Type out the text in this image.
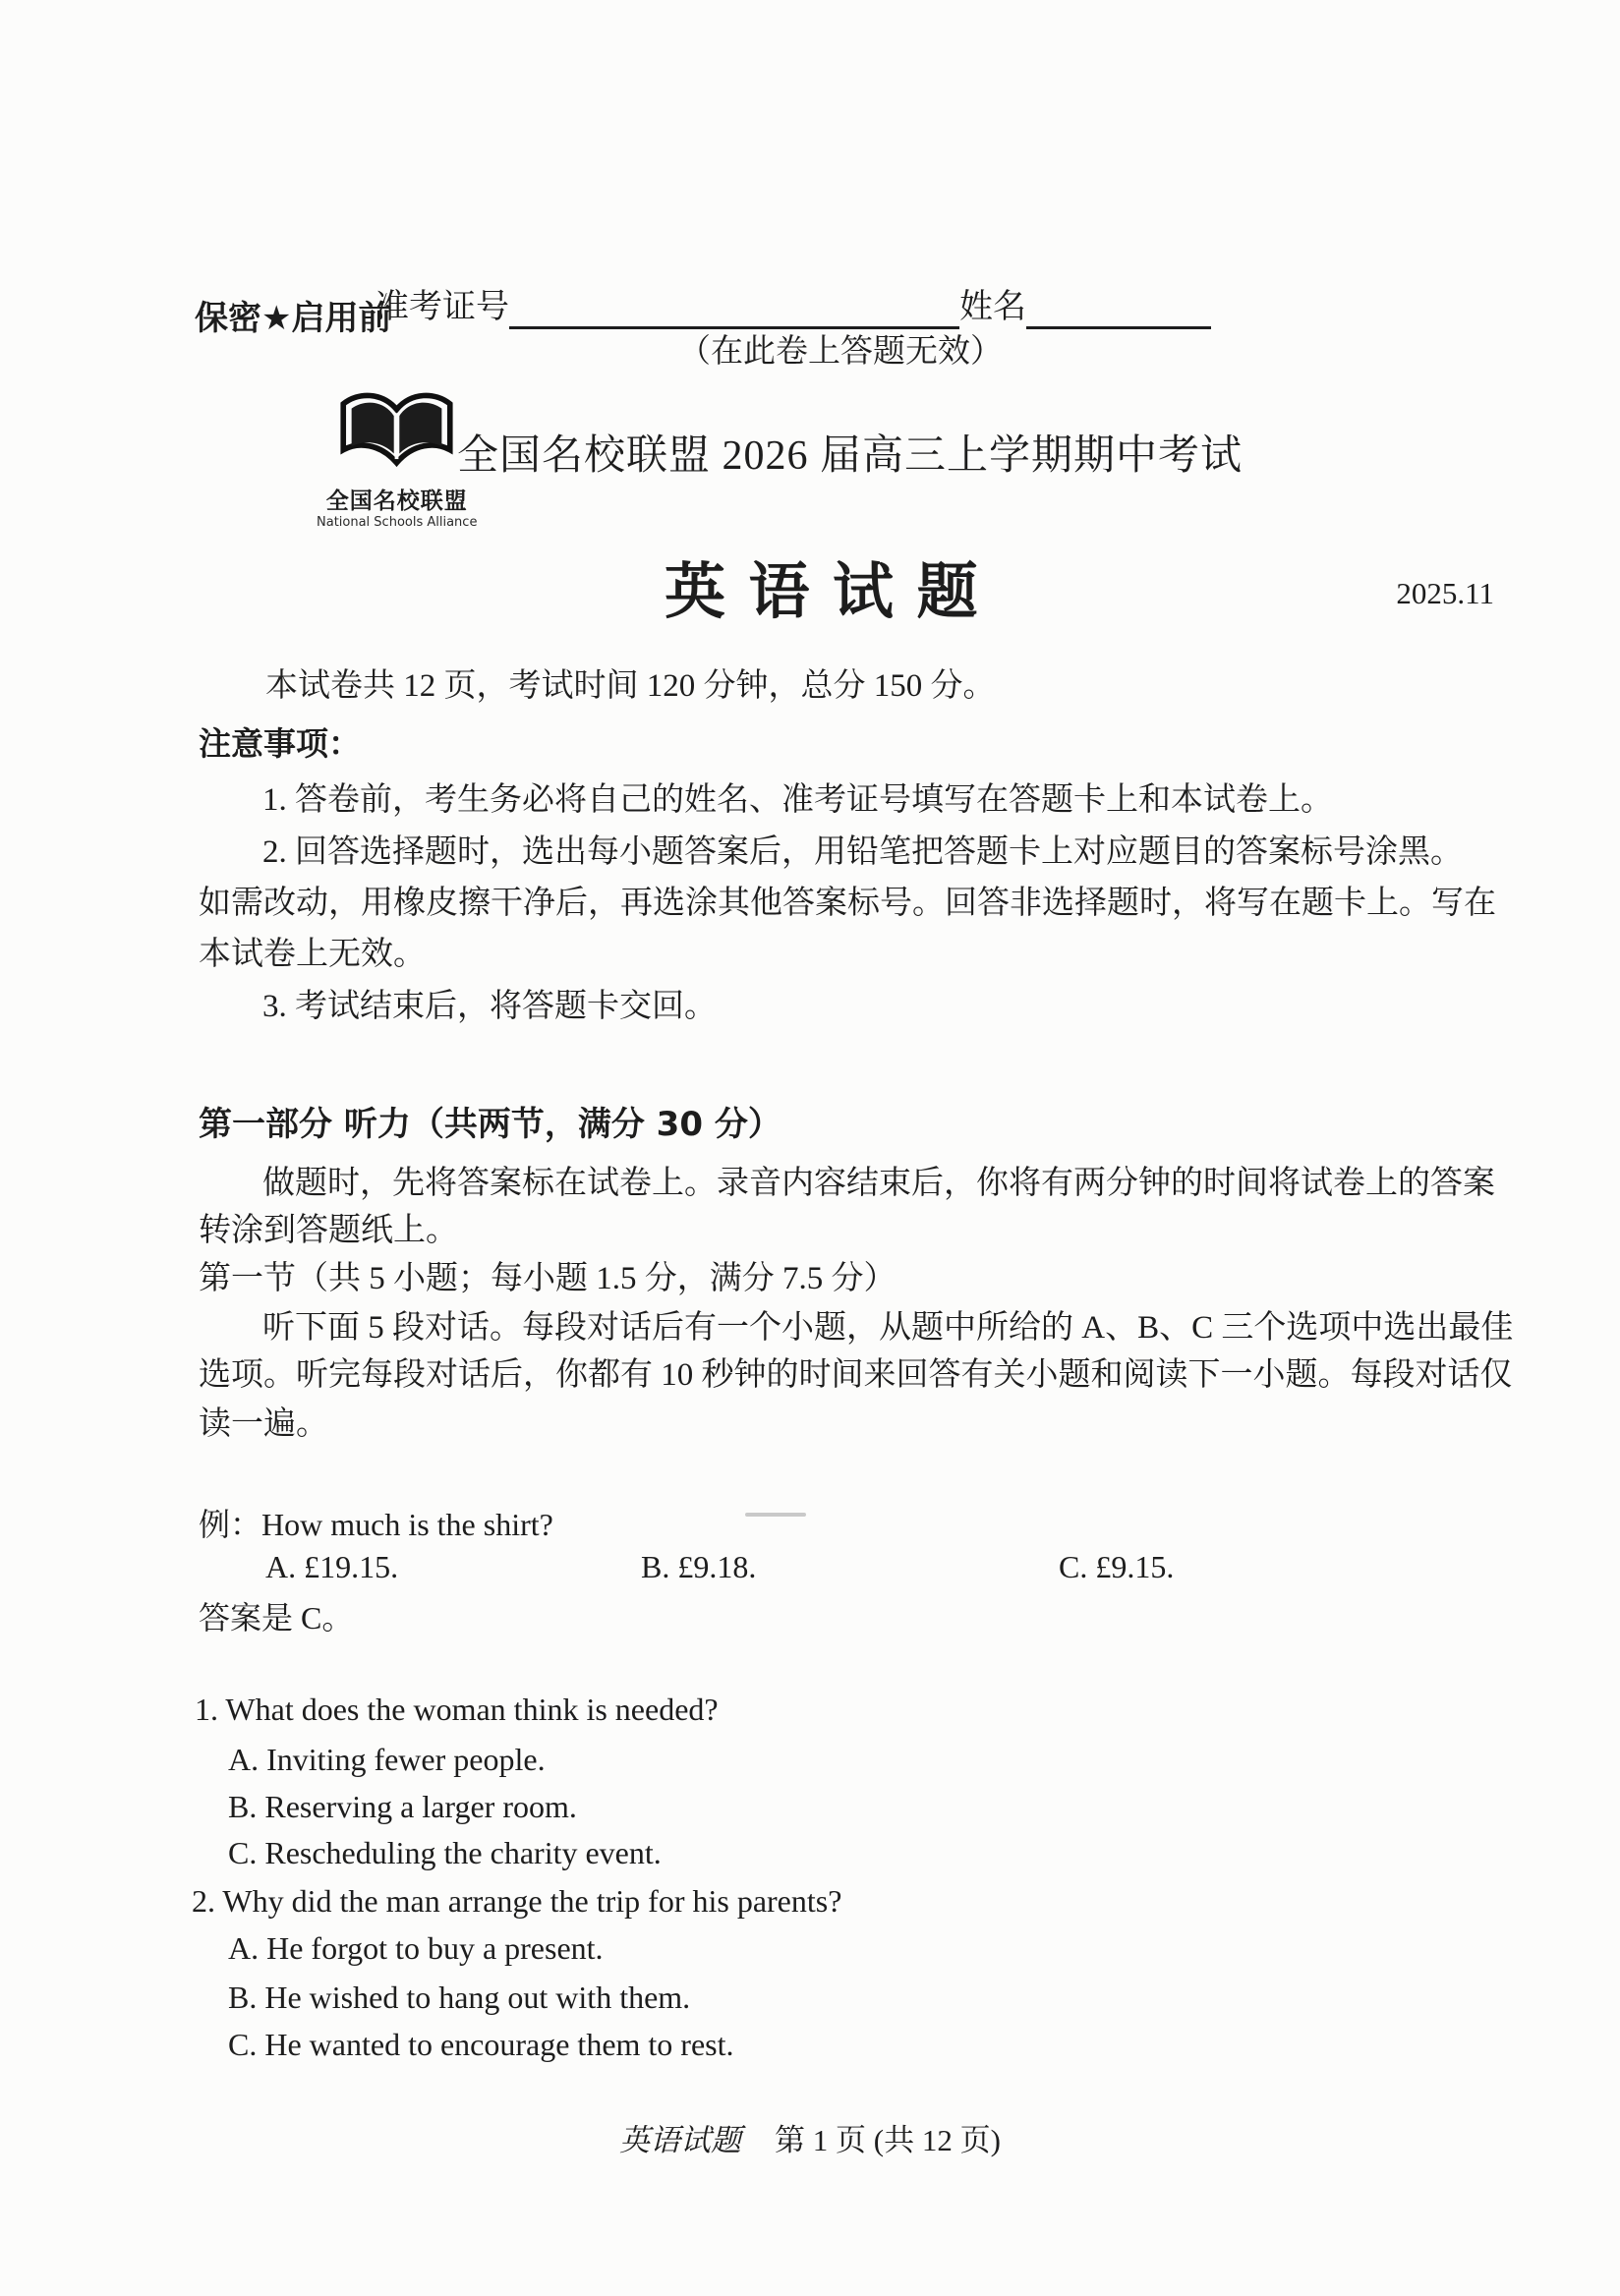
保密★启用前
准考证号	姓名
（在此卷上答题无效）
全国名校联盟
National Schools Alliance
全国名校联盟 2026 届高三上学期期中考试
英 语 试 题	2025.11
本试卷共 12 页，考试时间 120 分钟，总分 150 分。
注意事项：
1. 答卷前，考生务必将自己的姓名、准考证号填写在答题卡上和本试卷上。
2. 回答选择题时，选出每小题答案后，用铅笔把答题卡上对应题目的答案标号涂黑。
如需改动，用橡皮擦干净后，再选涂其他答案标号。回答非选择题时，将写在题卡上。写在
本试卷上无效。
3. 考试结束后，将答题卡交回。
第一部分 听力（共两节，满分 30 分）
做题时，先将答案标在试卷上。录音内容结束后，你将有两分钟的时间将试卷上的答案
转涂到答题纸上。
第一节（共 5 小题；每小题 1.5 分，满分 7.5 分）
听下面 5 段对话。每段对话后有一个小题，从题中所给的 A、B、C 三个选项中选出最佳
选项。听完每段对话后，你都有 10 秒钟的时间来回答有关小题和阅读下一小题。每段对话仅
读一遍。
例：How much is the shirt?
A. £19.15.	B. £9.18.	C. £9.15.
答案是 C。
1. What does the woman think is needed?
A. Inviting fewer people.
B. Reserving a larger room.
C. Rescheduling the charity event.
2. Why did the man arrange the trip for his parents?
A. He forgot to buy a present.
B. He wished to hang out with them.
C. He wanted to encourage them to rest.
英语试题 第 1 页 (共 12 页)
